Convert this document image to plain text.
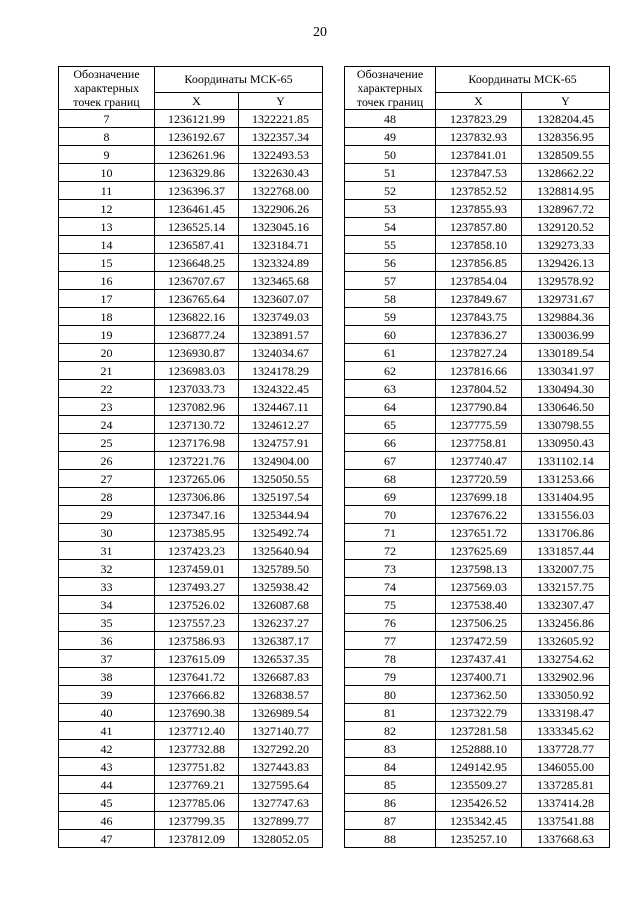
20
Обозначение характерных точек границ	Координаты МСК-65	
	X	Y
7	1236121.99	1322221.85
8	1236192.67	1322357.34
9	1236261.96	1322493.53
10	1236329.86	1322630.43
11	1236396.37	1322768.00
12	1236461.45	1322906.26
13	1236525.14	1323045.16
14	1236587.41	1323184.71
15	1236648.25	1323324.89
16	1236707.67	1323465.68
17	1236765.64	1323607.07
18	1236822.16	1323749.03
19	1236877.24	1323891.57
20	1236930.87	1324034.67
21	1236983.03	1324178.29
22	1237033.73	1324322.45
23	1237082.96	1324467.11
24	1237130.72	1324612.27
25	1237176.98	1324757.91
26	1237221.76	1324904.00
27	1237265.06	1325050.55
28	1237306.86	1325197.54
29	1237347.16	1325344.94
30	1237385.95	1325492.74
31	1237423.23	1325640.94
32	1237459.01	1325789.50
33	1237493.27	1325938.42
34	1237526.02	1326087.68
35	1237557.23	1326237.27
36	1237586.93	1326387.17
37	1237615.09	1326537.35
38	1237641.72	1326687.83
39	1237666.82	1326838.57
40	1237690.38	1326989.54
41	1237712.40	1327140.77
42	1237732.88	1327292.20
43	1237751.82	1327443.83
44	1237769.21	1327595.64
45	1237785.06	1327747.63
46	1237799.35	1327899.77
47	1237812.09	1328052.05
Обозначение характерных точек границ	Координаты МСК-65	
	X	Y
48	1237823.29	1328204.45
49	1237832.93	1328356.95
50	1237841.01	1328509.55
51	1237847.53	1328662.22
52	1237852.52	1328814.95
53	1237855.93	1328967.72
54	1237857.80	1329120.52
55	1237858.10	1329273.33
56	1237856.85	1329426.13
57	1237854.04	1329578.92
58	1237849.67	1329731.67
59	1237843.75	1329884.36
60	1237836.27	1330036.99
61	1237827.24	1330189.54
62	1237816.66	1330341.97
63	1237804.52	1330494.30
64	1237790.84	1330646.50
65	1237775.59	1330798.55
66	1237758.81	1330950.43
67	1237740.47	1331102.14
68	1237720.59	1331253.66
69	1237699.18	1331404.95
70	1237676.22	1331556.03
71	1237651.72	1331706.86
72	1237625.69	1331857.44
73	1237598.13	1332007.75
74	1237569.03	1332157.75
75	1237538.40	1332307.47
76	1237506.25	1332456.86
77	1237472.59	1332605.92
78	1237437.41	1332754.62
79	1237400.71	1332902.96
80	1237362.50	1333050.92
81	1237322.79	1333198.47
82	1237281.58	1333345.62
83	1252888.10	1337728.77
84	1249142.95	1346055.00
85	1235509.27	1337285.81
86	1235426.52	1337414.28
87	1235342.45	1337541.88
88	1235257.10	1337668.63
